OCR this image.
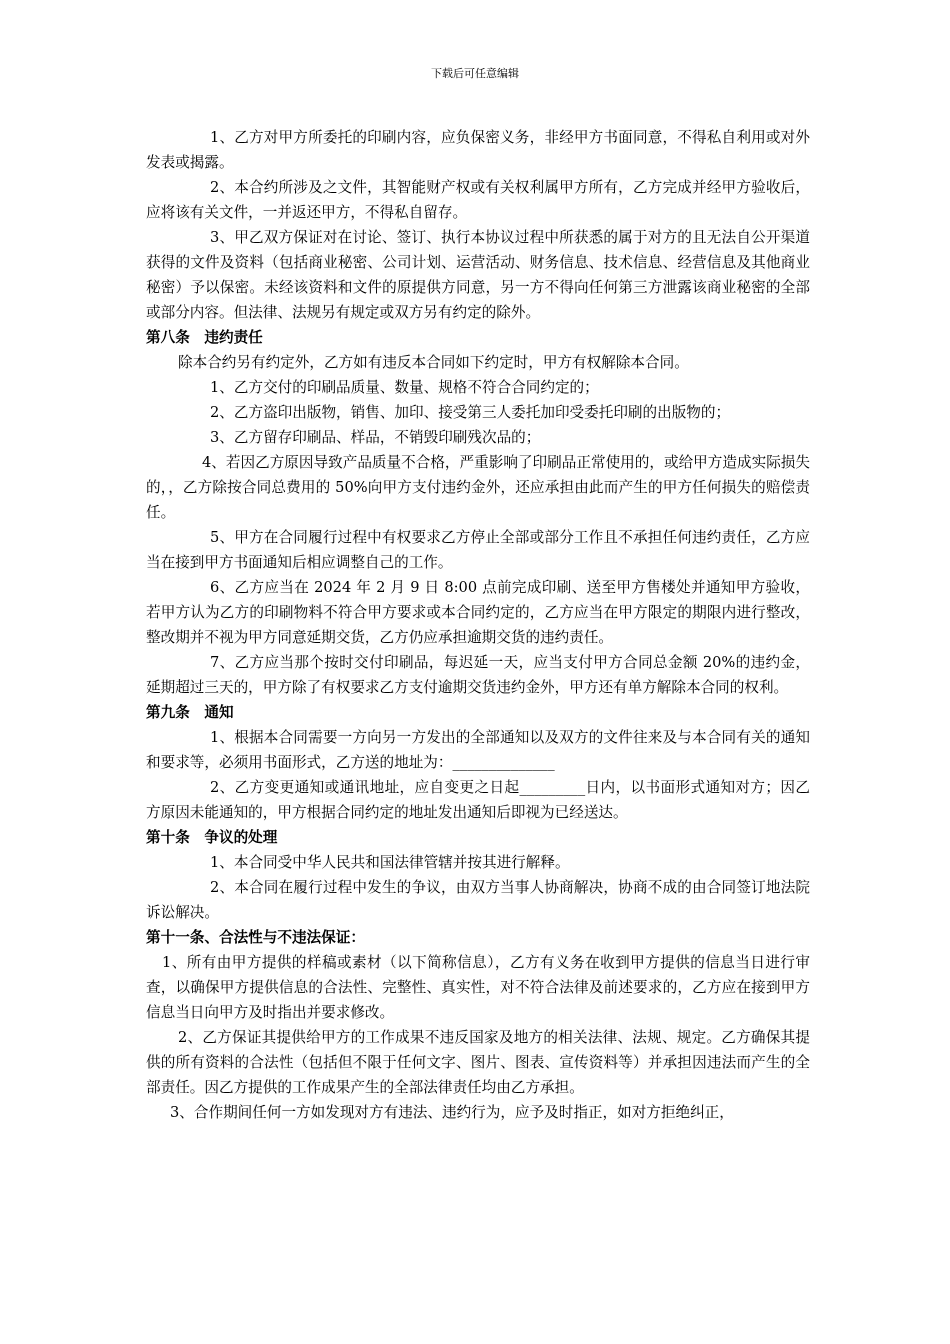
下载后可任意编辑

1、乙方对甲方所委托的印刷内容，应负保密义务，非经甲方书面同意，不得私自利用或对外发表或揭露。

2、本合约所涉及之文件，其智能财产权或有关权利属甲方所有，乙方完成并经甲方验收后，应将该有关文件，一并返还甲方，不得私自留存。

3、甲乙双方保证对在讨论、签订、执行本协议过程中所获悉的属于对方的且无法自公开渠道获得的文件及资料（包括商业秘密、公司计划、运营活动、财务信息、技术信息、经营信息及其他商业秘密）予以保密。未经该资料和文件的原提供方同意，另一方不得向任何第三方泄露该商业秘密的全部或部分内容。但法律、法规另有规定或双方另有约定的除外。

第八条　违约责任

除本合约另有约定外，乙方如有违反本合同如下约定时，甲方有权解除本合同。

1、乙方交付的印刷品质量、数量、规格不符合合同约定的；

2、乙方盗印出版物，销售、加印、接受第三人委托加印受委托印刷的出版物的；

3、乙方留存印刷品、样品，不销毁印刷残次品的；

4、若因乙方原因导致产品质量不合格，严重影响了印刷品正常使用的，或给甲方造成实际损失的，，乙方除按合同总费用的 50%向甲方支付违约金外，还应承担由此而产生的甲方任何损失的赔偿责任。

5、甲方在合同履行过程中有权要求乙方停止全部或部分工作且不承担任何违约责任，乙方应当在接到甲方书面通知后相应调整自己的工作。

6、乙方应当在 2024 年 2 月 9 日 8:00 点前完成印刷、送至甲方售楼处并通知甲方验收，若甲方认为乙方的印刷物料不符合甲方要求或本合同约定的，乙方应当在甲方限定的期限内进行整改，整改期并不视为甲方同意延期交货，乙方仍应承担逾期交货的违约责任。

7、乙方应当那个按时交付印刷品，每迟延一天，应当支付甲方合同总金额 20%的违约金，延期超过三天的，甲方除了有权要求乙方支付逾期交货违约金外，甲方还有单方解除本合同的权利。

第九条　通知

1、根据本合同需要一方向另一方发出的全部通知以及双方的文件往来及与本合同有关的通知和要求等，必须用书面形式，乙方送的地址为：______________

2、乙方变更通知或通讯地址，应自变更之日起_________日内，以书面形式通知对方；因乙方原因未能通知的，甲方根据合同约定的地址发出通知后即视为已经送达。

第十条　争议的处理

1、本合同受中华人民共和国法律管辖并按其进行解释。

2、本合同在履行过程中发生的争议，由双方当事人协商解决，协商不成的由合同签订地法院诉讼解决。

第十一条、合法性与不违法保证：

1、所有由甲方提供的样稿或素材（以下简称信息），乙方有义务在收到甲方提供的信息当日进行审查，以确保甲方提供信息的合法性、完整性、真实性，对不符合法律及前述要求的，乙方应在接到甲方信息当日向甲方及时指出并要求修改。

2、乙方保证其提供给甲方的工作成果不违反国家及地方的相关法律、法规、规定。乙方确保其提供的所有资料的合法性（包括但不限于任何文字、图片、图表、宣传资料等）并承担因违法而产生的全部责任。因乙方提供的工作成果产生的全部法律责任均由乙方承担。

3、合作期间任何一方如发现对方有违法、违约行为，应予及时指正，如对方拒绝纠正，
